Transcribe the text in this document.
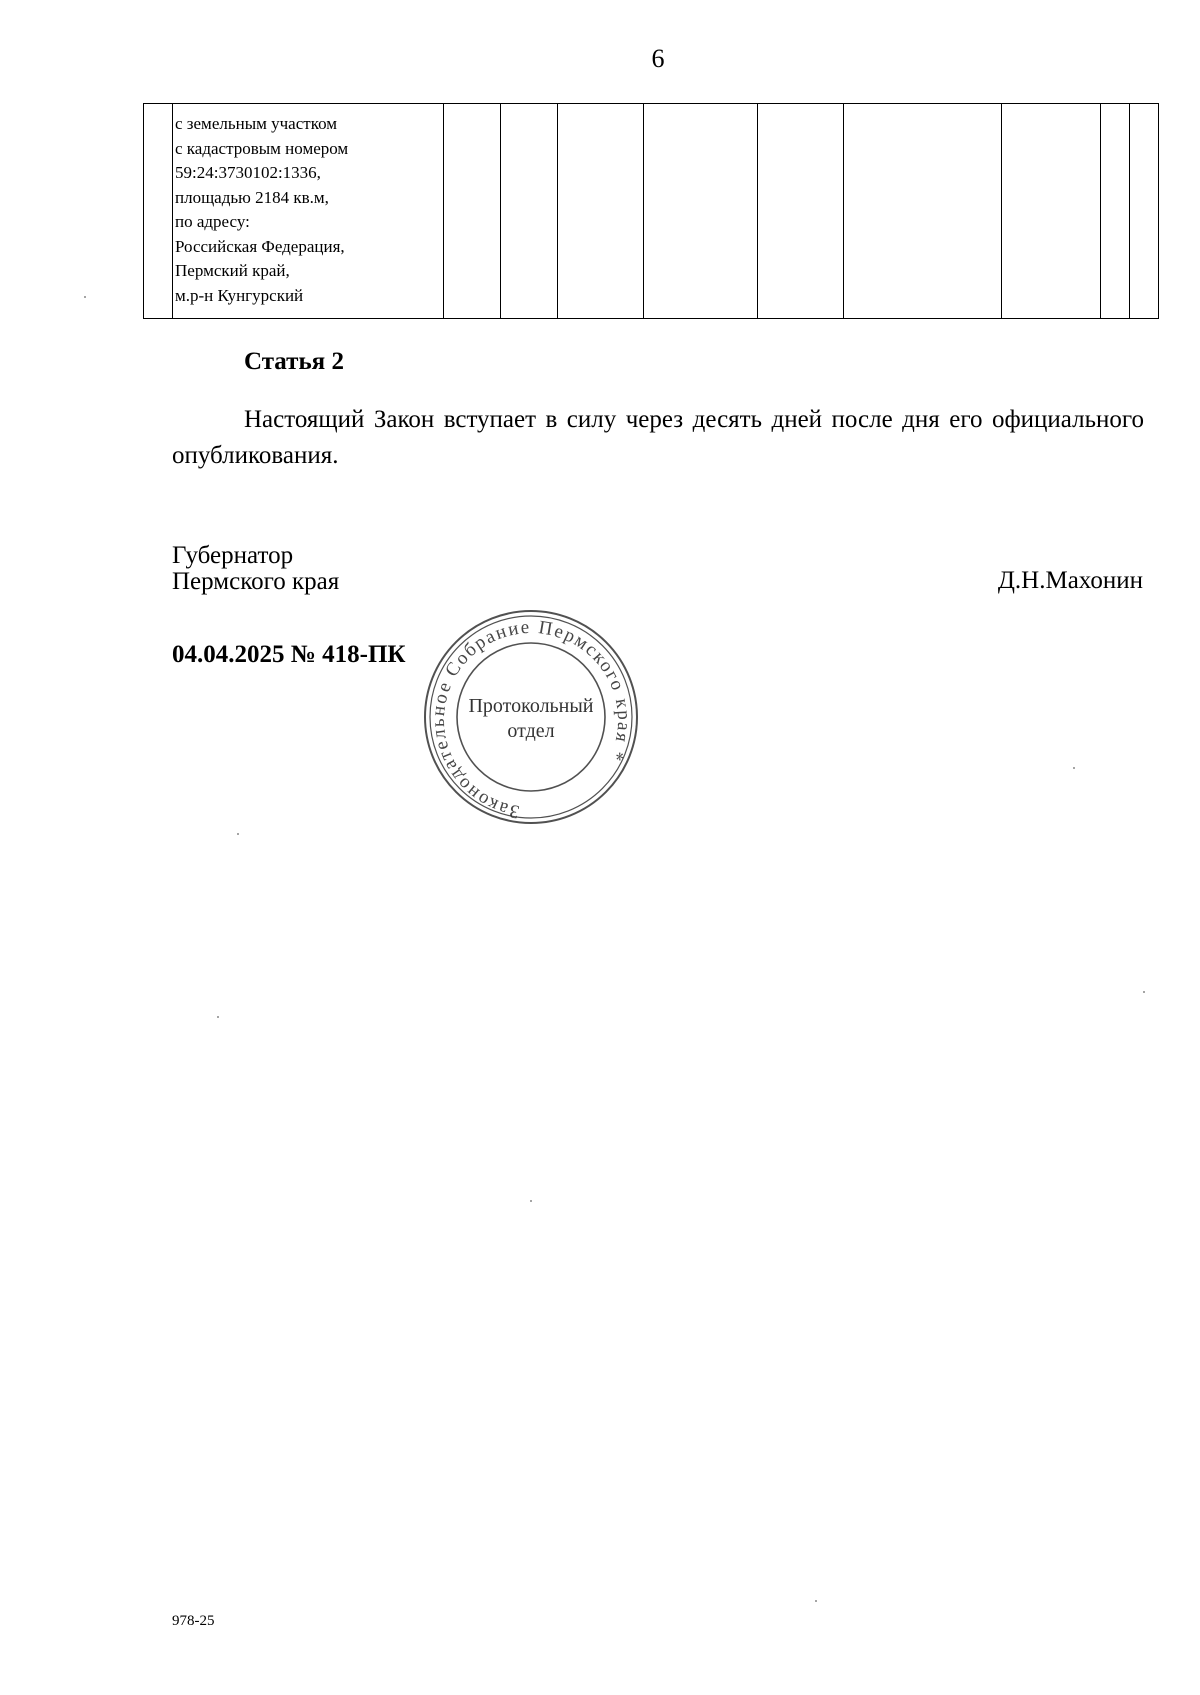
6

с земельным участком
с кадастровым номером
59:24:3730102:1336,
площадью 2184 кв.м,
по адресу:
Российская Федерация,
Пермский край,
м.р-н Кунгурский

Статья 2
Настоящий Закон вступает в силу через десять дней после дня его официального опубликования.
Губернатор
Пермского края	Д.Н.Махонин
04.04.2025 № 418-ПК
Законодательное Собрание Пермского края *
Протокольный
отдел
978-25
